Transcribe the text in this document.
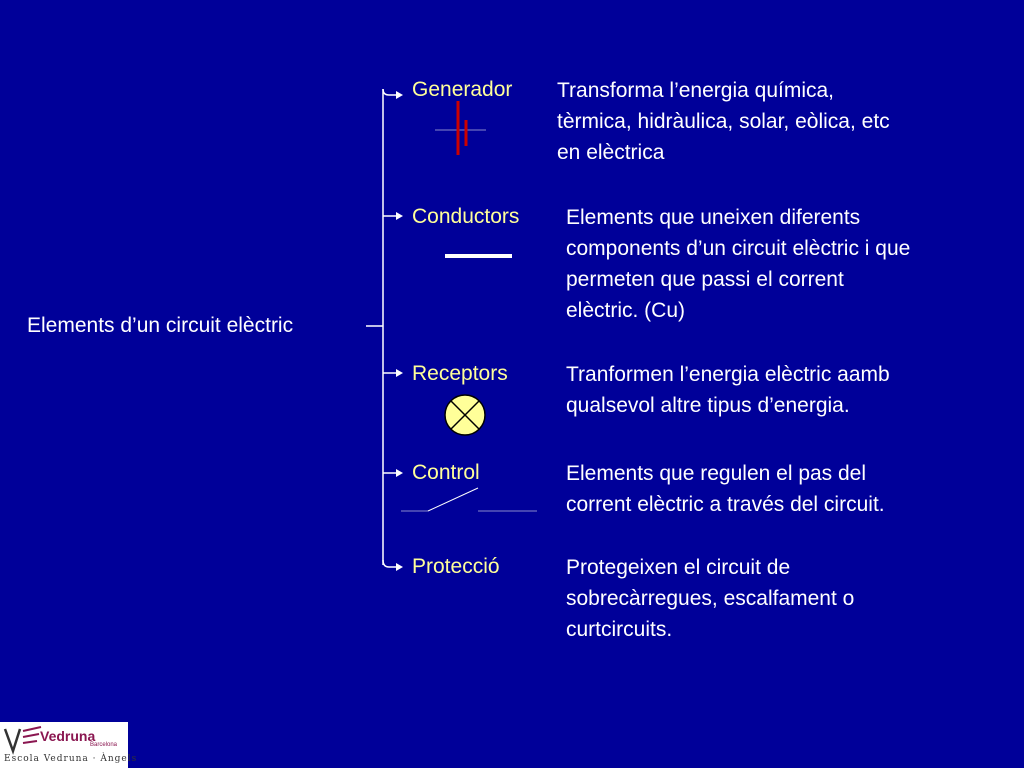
Elements d’un circuit elèctric
Generador Transforma l’energia química,
tèrmica, hidràulica, solar, eòlica, etc
en elèctrica
Conductors Elements que uneixen diferents
components d’un circuit elèctric i que
permeten que passi el corrent
elèctric. (Cu)
Receptors	Tranformen l’energia elèctric aamb
qualsevol altre tipus d’energia.
Control	Elements que regulen el pas del
corrent elèctric a través del circuit.
Protecció	Protegeixen el circuit de
sobrecàrregues, escalfament o
curtcircuits.
Vedruna
Barcelona
Escola Vedruna · Àngels
